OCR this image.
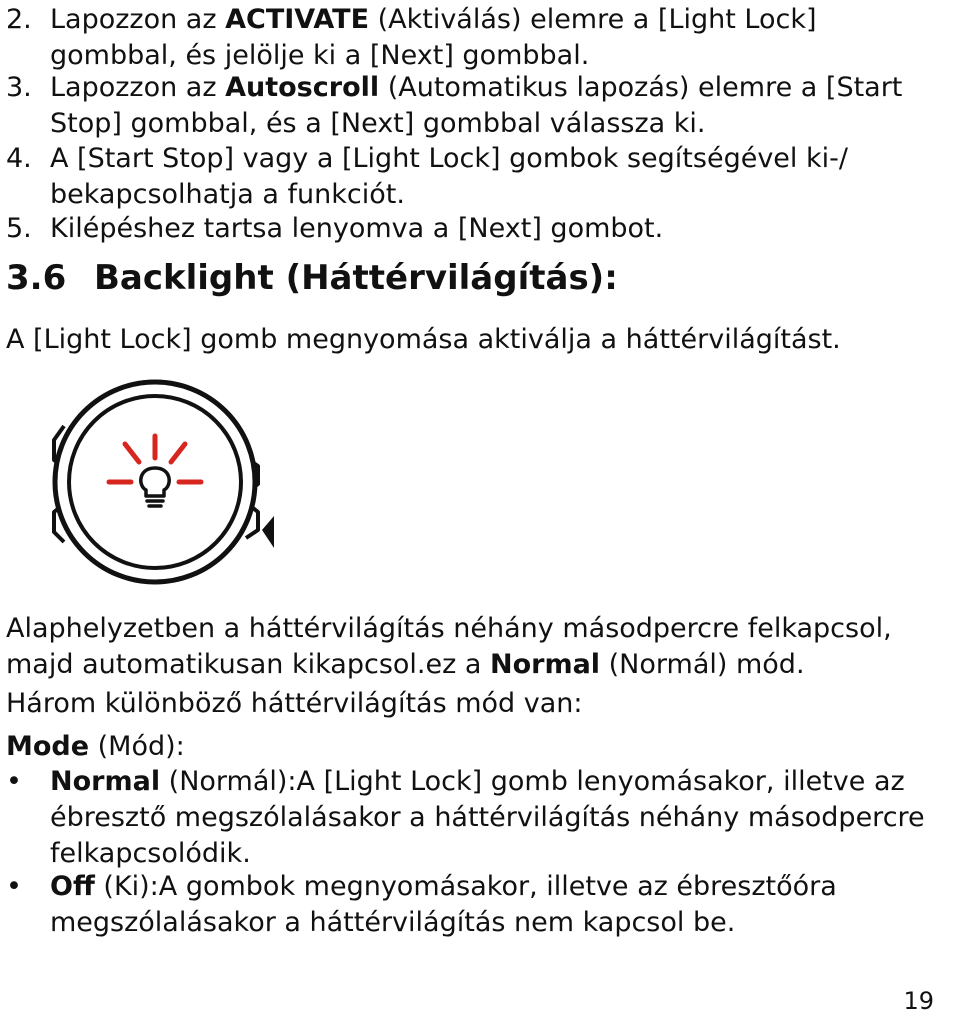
2. Lapozzon az ACTIVATE (Aktiválás) elemre a [Light Lock]
gombbal, és jelölje ki a [Next] gombbal.
3. Lapozzon az Autoscroll (Automatikus lapozás) elemre a [Start
Stop] gombbal, és a [Next] gombbal válassza ki.
4. A [Start Stop] vagy a [Light Lock] gombok segítségével ki-/
bekapcsolhatja a funkciót.
5. Kilépéshez tartsa lenyomva a [Next] gombot.
3.6 Backlight (Háttérvilágítás):
A [Light Lock] gomb megnyomása aktiválja a háttérvilágítást.
Alaphelyzetben a háttérvilágítás néhány másodpercre felkapcsol,
majd automatikusan kikapcsol.ez a Normal (Normál) mód.
Három különböző háttérvilágítás mód van:
Mode (Mód):
• Normal (Normál):A [Light Lock] gomb lenyomásakor, illetve az
ébresztő megszólalásakor a háttérvilágítás néhány másodpercre
felkapcsolódik.
• Off (Ki):A gombok megnyomásakor, illetve az ébresztőóra
megszólalásakor a háttérvilágítás nem kapcsol be.
19
